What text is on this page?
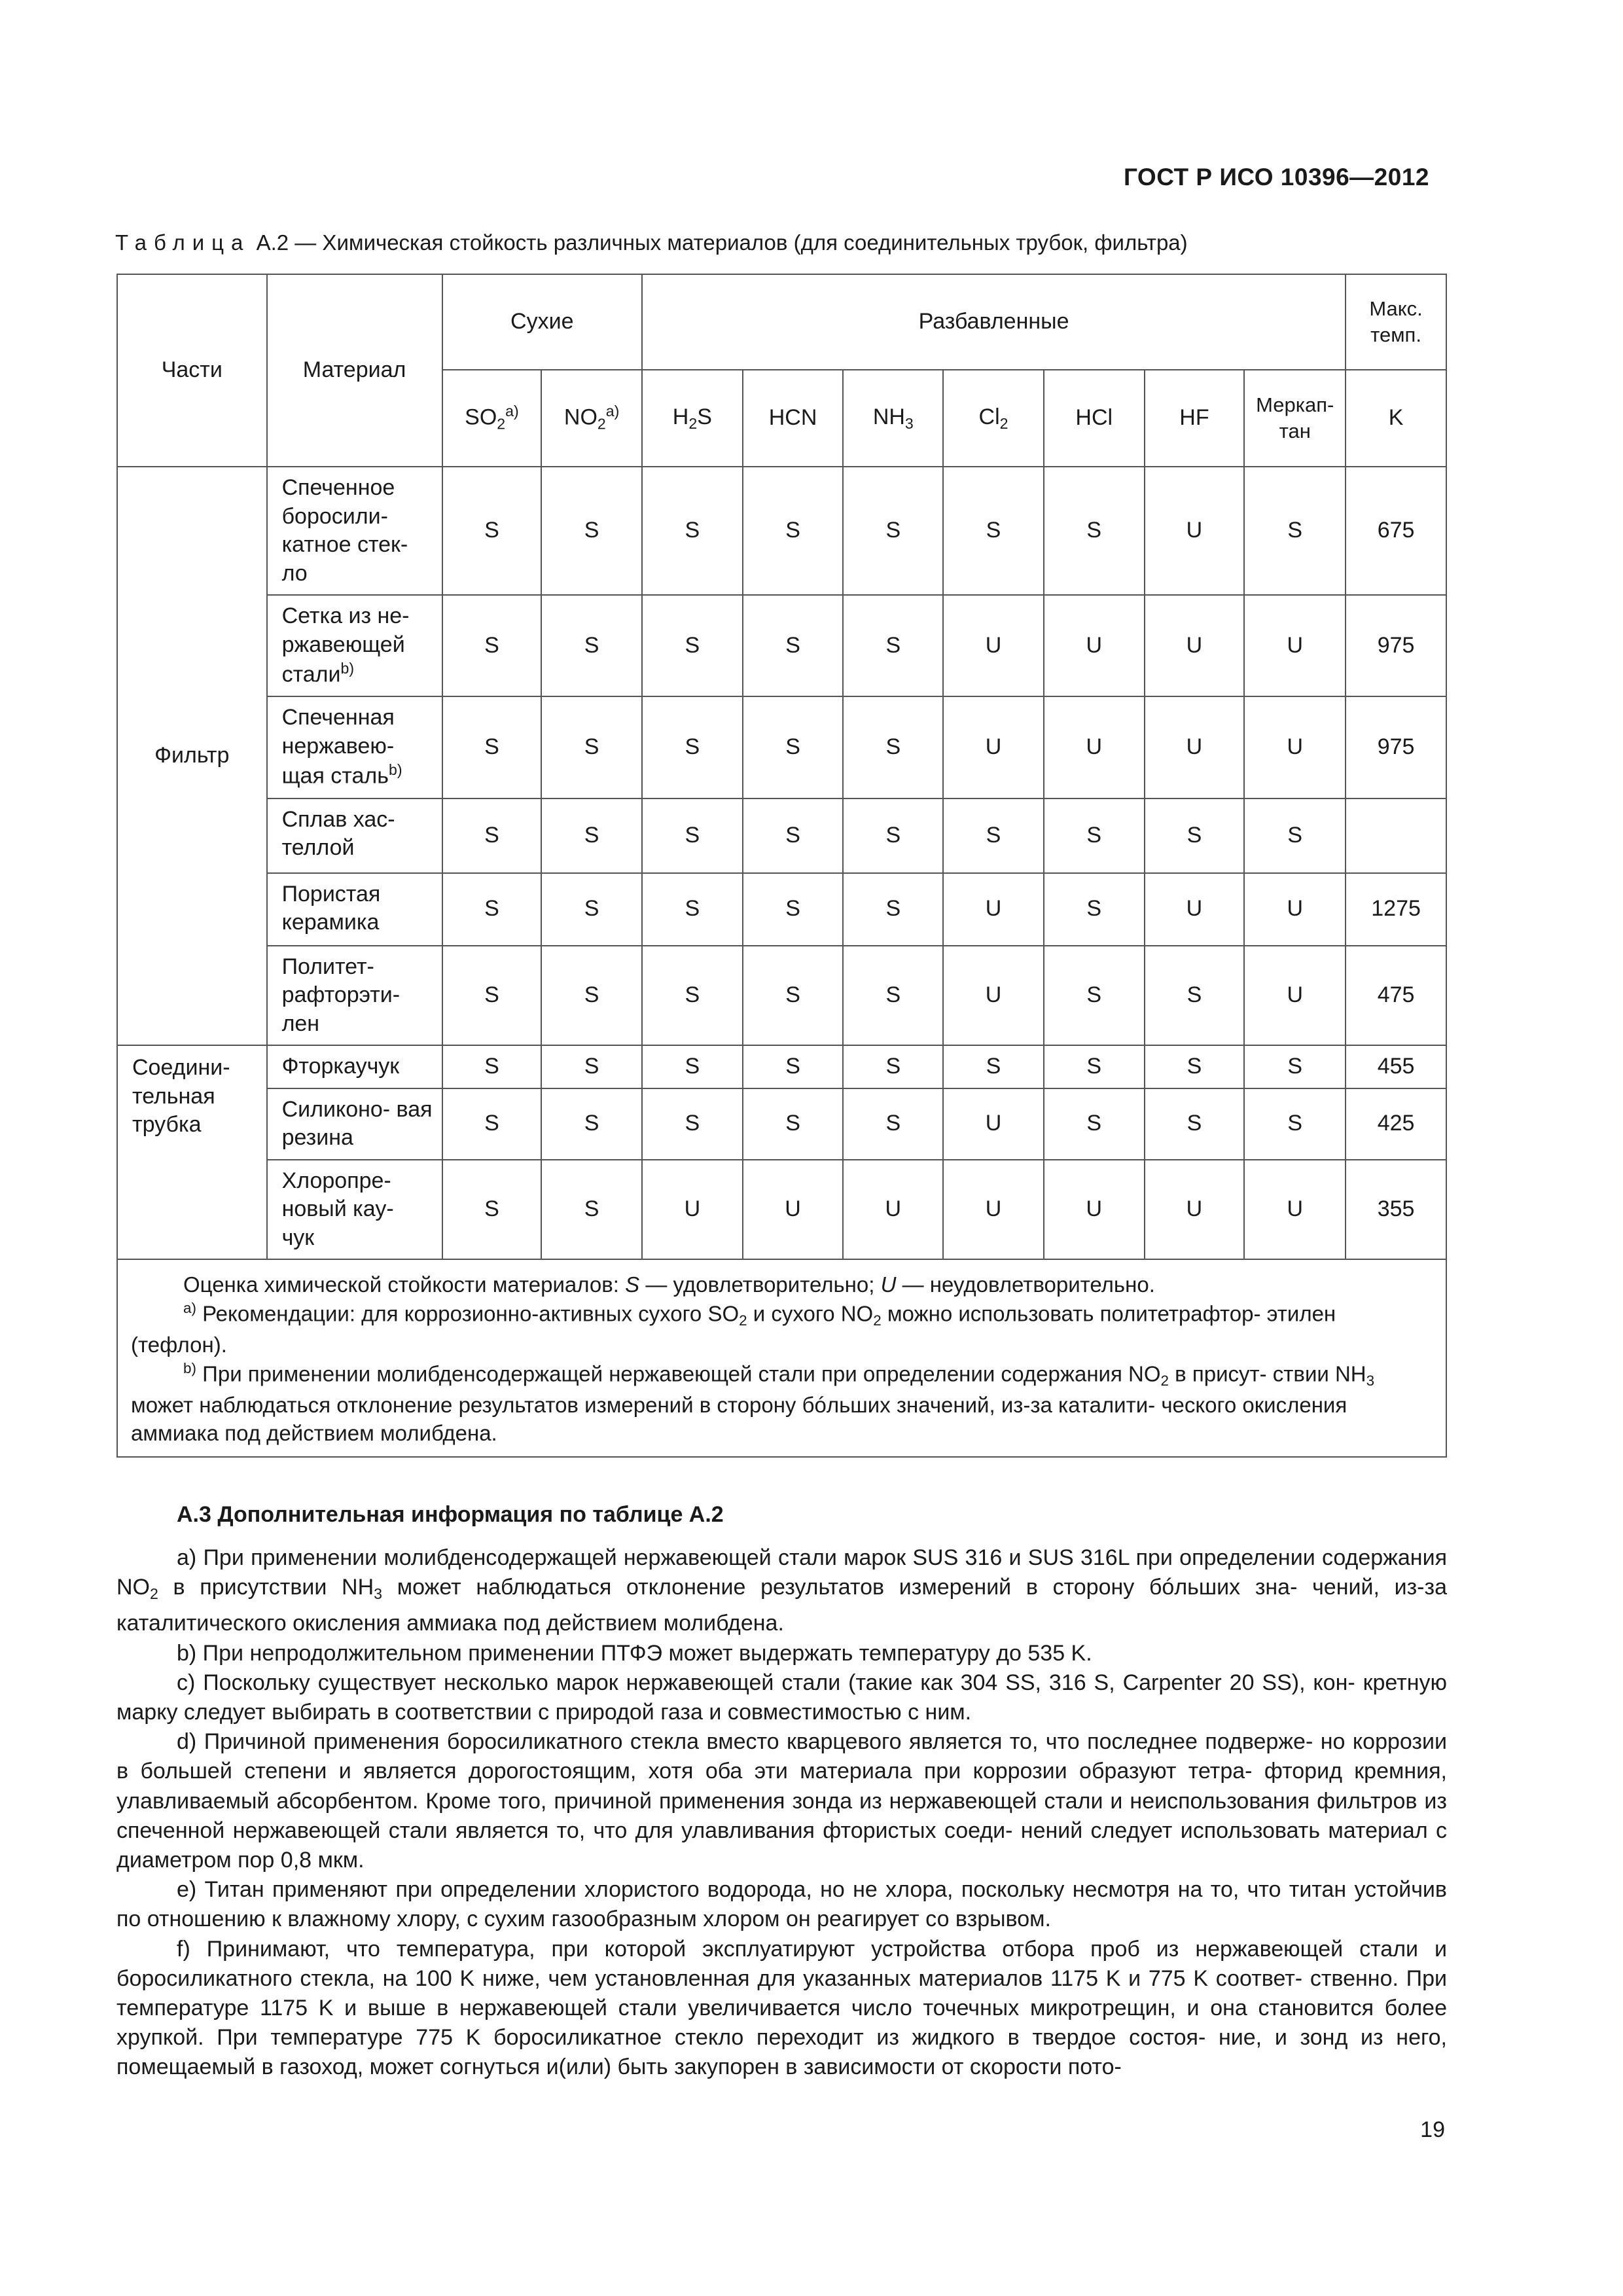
ГОСТ Р ИСО 10396—2012
Таблица А.2 — Химическая стойкость различных материалов (для соединительных трубок, фильтра)
Части	Материал	Сухие		Разбавленные							Макс. темп.
		$SO_2^{a)}$	$NO_2^{a)}$	$H_2S$	HCN	$NH_3$	$Cl_2$	HCl	HF	Меркап- тан	K
Фильтр	Спеченное боросили- катное стек- ло	S	S	S	S	S	S	S	U	S	675
	Сетка из не- ржавеющей стали$^{b)}$	S	S	S	S	S	U	U	U	U	975
	Спеченная нержавею- щая сталь$^{b)}$	S	S	S	S	S	U	U	U	U	975
	Сплав хас- теллой	S	S	S	S	S	S	S	S	S	
	Пористая керамика	S	S	S	S	S	U	S	U	U	1275
	Политет- рафторэти- лен	S	S	S	S	S	U	S	S	U	475
Соедини- тельная трубка	Фторкаучук	S	S	S	S	S	S	S	S	S	455
	Силиконо- вая резина	S	S	S	S	S	U	S	S	S	425
	Хлоропре- новый кау- чук	S	S	U	U	U	U	U	U	U	355

Оценка химической стойкости материалов: S — удовлетворительно; U — неудовлетворительно.
$^{a)}$ Рекомендации: для коррозионно-активных сухого $SO_2$ и сухого $NO_2$ можно использовать политетрафтор- этилен (тефлон).
$^{b)}$ При применении молибденсодержащей нержавеющей стали при определении содержания $NO_2$ в присут- ствии $NH_3$ может наблюдаться отклонение результатов измерений в сторону бóльших значений, из-за каталити- ческого окисления аммиака под действием молибдена.											
А.3 Дополнительная информация по таблице А.2

a) При применении молибденсодержащей нержавеющей стали марок SUS 316 и SUS 316L при определении содержания $NO_2$ в присутствии $NH_3$ может наблюдаться отклонение результатов измерений в сторону бóльших зна- чений, из-за каталитического окисления аммиака под действием молибдена.

b) При непродолжительном применении ПТФЭ может выдержать температуру до 535 K.

c) Поскольку существует несколько марок нержавеющей стали (такие как 304 SS, 316 S, Carpenter 20 SS), кон- кретную марку следует выбирать в соответствии с природой газа и совместимостью с ним.

d) Причиной применения боросиликатного стекла вместо кварцевого является то, что последнее подверже- но коррозии в большей степени и является дорогостоящим, хотя оба эти материала при коррозии образуют тетра- фторид кремния, улавливаемый абсорбентом. Кроме того, причиной применения зонда из нержавеющей стали и неиспользования фильтров из спеченной нержавеющей стали является то, что для улавливания фтористых соеди- нений следует использовать материал с диаметром пор 0,8 мкм.

e) Титан применяют при определении хлористого водорода, но не хлора, поскольку несмотря на то, что титан устойчив по отношению к влажному хлору, с сухим газообразным хлором он реагирует со взрывом.

f) Принимают, что температура, при которой эксплуатируют устройства отбора проб из нержавеющей стали и боросиликатного стекла, на 100 K ниже, чем установленная для указанных материалов 1175 K и 775 K соответ- ственно. При температуре 1175 K и выше в нержавеющей стали увеличивается число точечных микротрещин, и она становится более хрупкой. При температуре 775 K боросиликатное стекло переходит из жидкого в твердое состоя- ние, и зонд из него, помещаемый в газоход, может согнуться и(или) быть закупорен в зависимости от скорости пото-

19
